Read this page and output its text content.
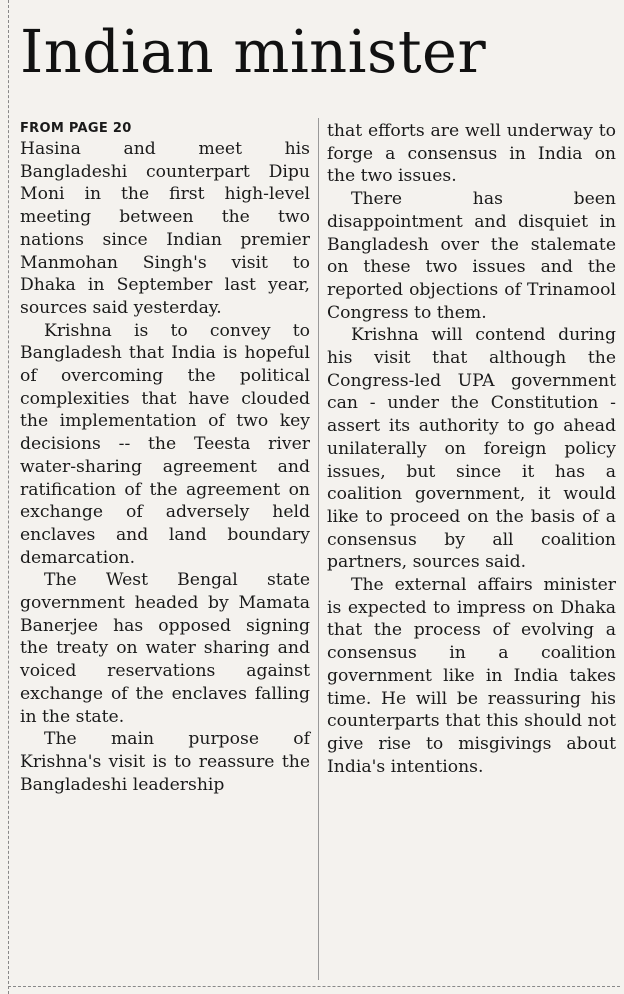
Indian minister
FROM PAGE 20

Hasina and meet his Bangladeshi counterpart Dipu Moni in the first high-level meeting between the two nations since Indian premier Manmohan Singh's visit to Dhaka in September last year, sources said yesterday.

Krishna is to convey to Bangladesh that India is hopeful of overcoming the political complexities that have clouded the implementation of two key decisions -- the Teesta river water-sharing agreement and ratification of the agreement on exchange of adversely held enclaves and land boundary demarcation.

The West Bengal state government headed by Mamata Banerjee has opposed signing the treaty on water sharing and voiced reservations against exchange of the enclaves falling in the state.

The main purpose of Krishna's visit is to reassure the Bangladeshi leadership

that efforts are well underway to forge a consensus in India on the two issues.

There has been disappointment and disquiet in Bangladesh over the stalemate on these two issues and the reported objections of Trinamool Congress to them.

Krishna will contend during his visit that although the Congress-led UPA government can - under the Constitution - assert its authority to go ahead unilaterally on foreign policy issues, but since it has a coalition government, it would like to proceed on the basis of a consensus by all coalition partners, sources said.

The external affairs minister is expected to impress on Dhaka that the process of evolving a consensus in a coalition government like in India takes time. He will be reassuring his counterparts that this should not give rise to misgivings about India's intentions.
